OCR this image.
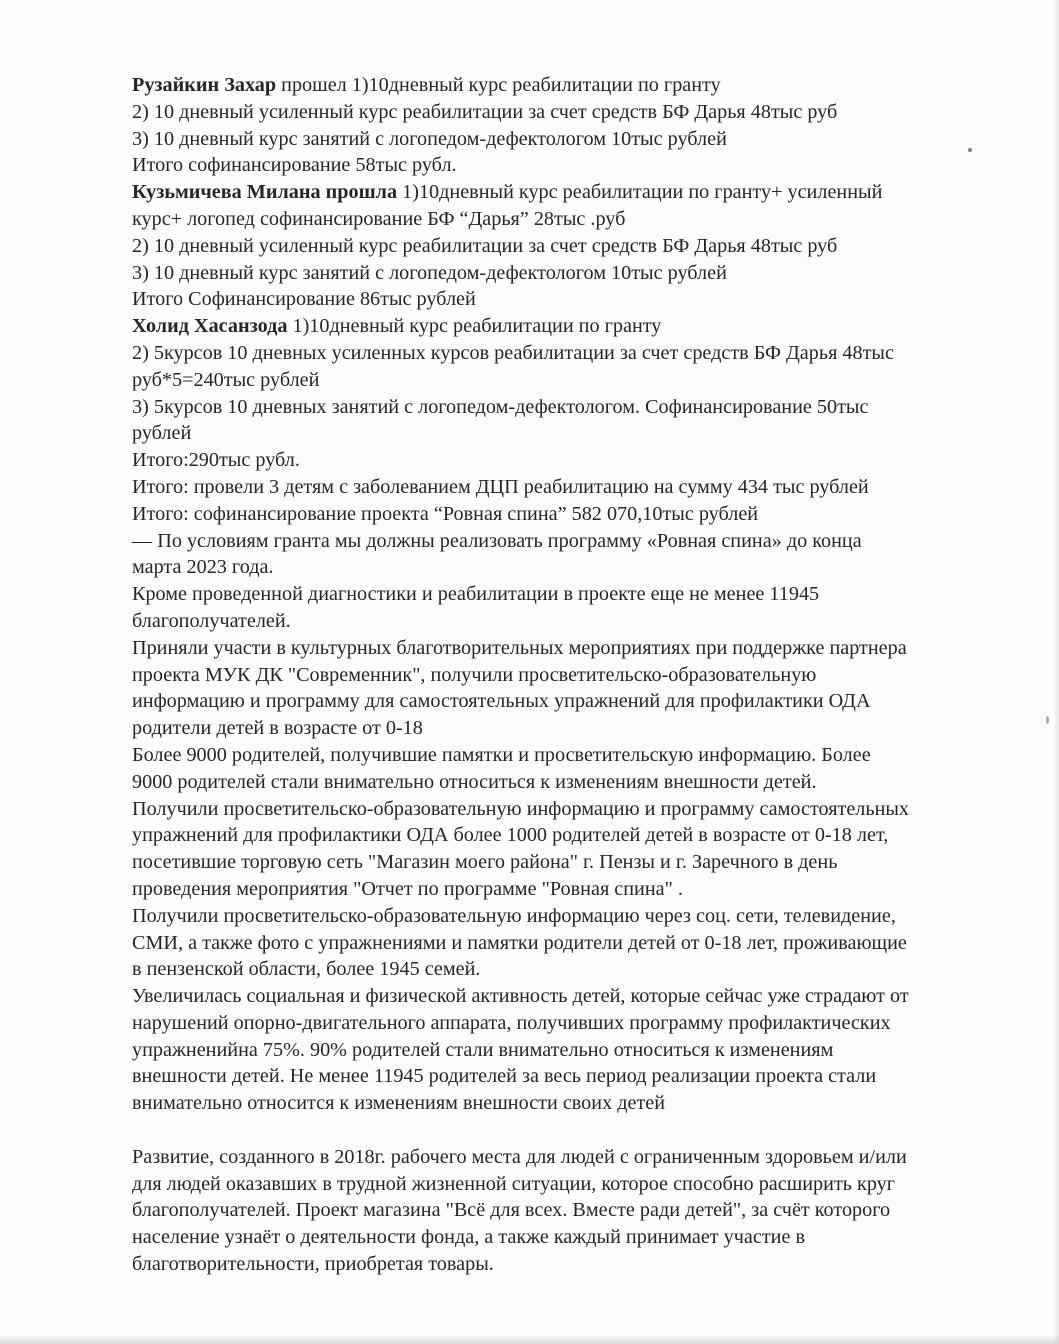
Рузайкин Захар прошел 1)10дневный курс реабилитации по гранту
2) 10 дневный усиленный курс реабилитации за счет средств БФ Дарья 48тыс руб
3) 10 дневный курс занятий с логопедом-дефектологом 10тыс рублей
Итого софинансирование 58тыс рубл.
Кузьмичева Милана прошла 1)10дневный курс реабилитации по гранту+ усиленный
курс+ логопед софинансирование БФ “Дарья” 28тыс .руб
2) 10 дневный усиленный курс реабилитации за счет средств БФ Дарья 48тыс руб
3) 10 дневный курс занятий с логопедом-дефектологом 10тыс рублей
Итого Софинансирование 86тыс рублей
Холид Хасанзода 1)10дневный курс реабилитации по гранту
2) 5курсов 10 дневных усиленных курсов реабилитации за счет средств БФ Дарья 48тыс
руб*5=240тыс рублей
3) 5курсов 10 дневных занятий с логопедом-дефектологом. Софинансирование 50тыс
рублей
Итого:290тыс рубл.
Итого: провели 3 детям с заболеванием ДЦП реабилитацию на сумму 434 тыс рублей
Итого: софинансирование проекта “Ровная спина” 582 070,10тыс рублей
— По условиям гранта мы должны реализовать программу «Ровная спина» до конца
марта 2023 года.
Кроме проведенной диагностики и реабилитации в проекте еще не менее 11945
благополучателей.
Приняли участи в культурных благотворительных мероприятиях при поддержке партнера
проекта МУК ДК "Современник", получили просветительско-образовательную
информацию и программу для самостоятельных упражнений для профилактики ОДА
родители детей в возрасте от 0-18
Более 9000 родителей, получившие памятки и просветительскую информацию. Более
9000 родителей стали внимательно относиться к изменениям внешности детей.
Получили просветительско-образовательную информацию и программу самостоятельных
упражнений для профилактики ОДА более 1000 родителей детей в возрасте от 0-18 лет,
посетившие торговую сеть "Магазин моего района" г. Пензы и г. Заречного в день
проведения мероприятия "Отчет по программе "Ровная спина" .
Получили просветительско-образовательную информацию через соц. сети, телевидение,
СМИ, а также фото с упражнениями и памятки родители детей от 0-18 лет, проживающие
в пензенской области, более 1945 семей.
Увеличилась социальная и физической активность детей, которые сейчас уже страдают от
нарушений опорно-двигательного аппарата, получивших программу профилактических
упражненийна 75%. 90% родителей стали внимательно относиться к изменениям
внешности детей. Не менее 11945 родителей за весь период реализации проекта стали
внимательно относится к изменениям внешности своих детей
Развитие, созданного в 2018г. рабочего места для людей с ограниченным здоровьем и/или
для людей оказавших в трудной жизненной ситуации, которое способно расширить круг
благополучателей. Проект магазина "Всё для всех. Вместе ради детей", за счёт которого
население узнаёт о деятельности фонда, а также каждый принимает участие в
благотворительности, приобретая товары.
